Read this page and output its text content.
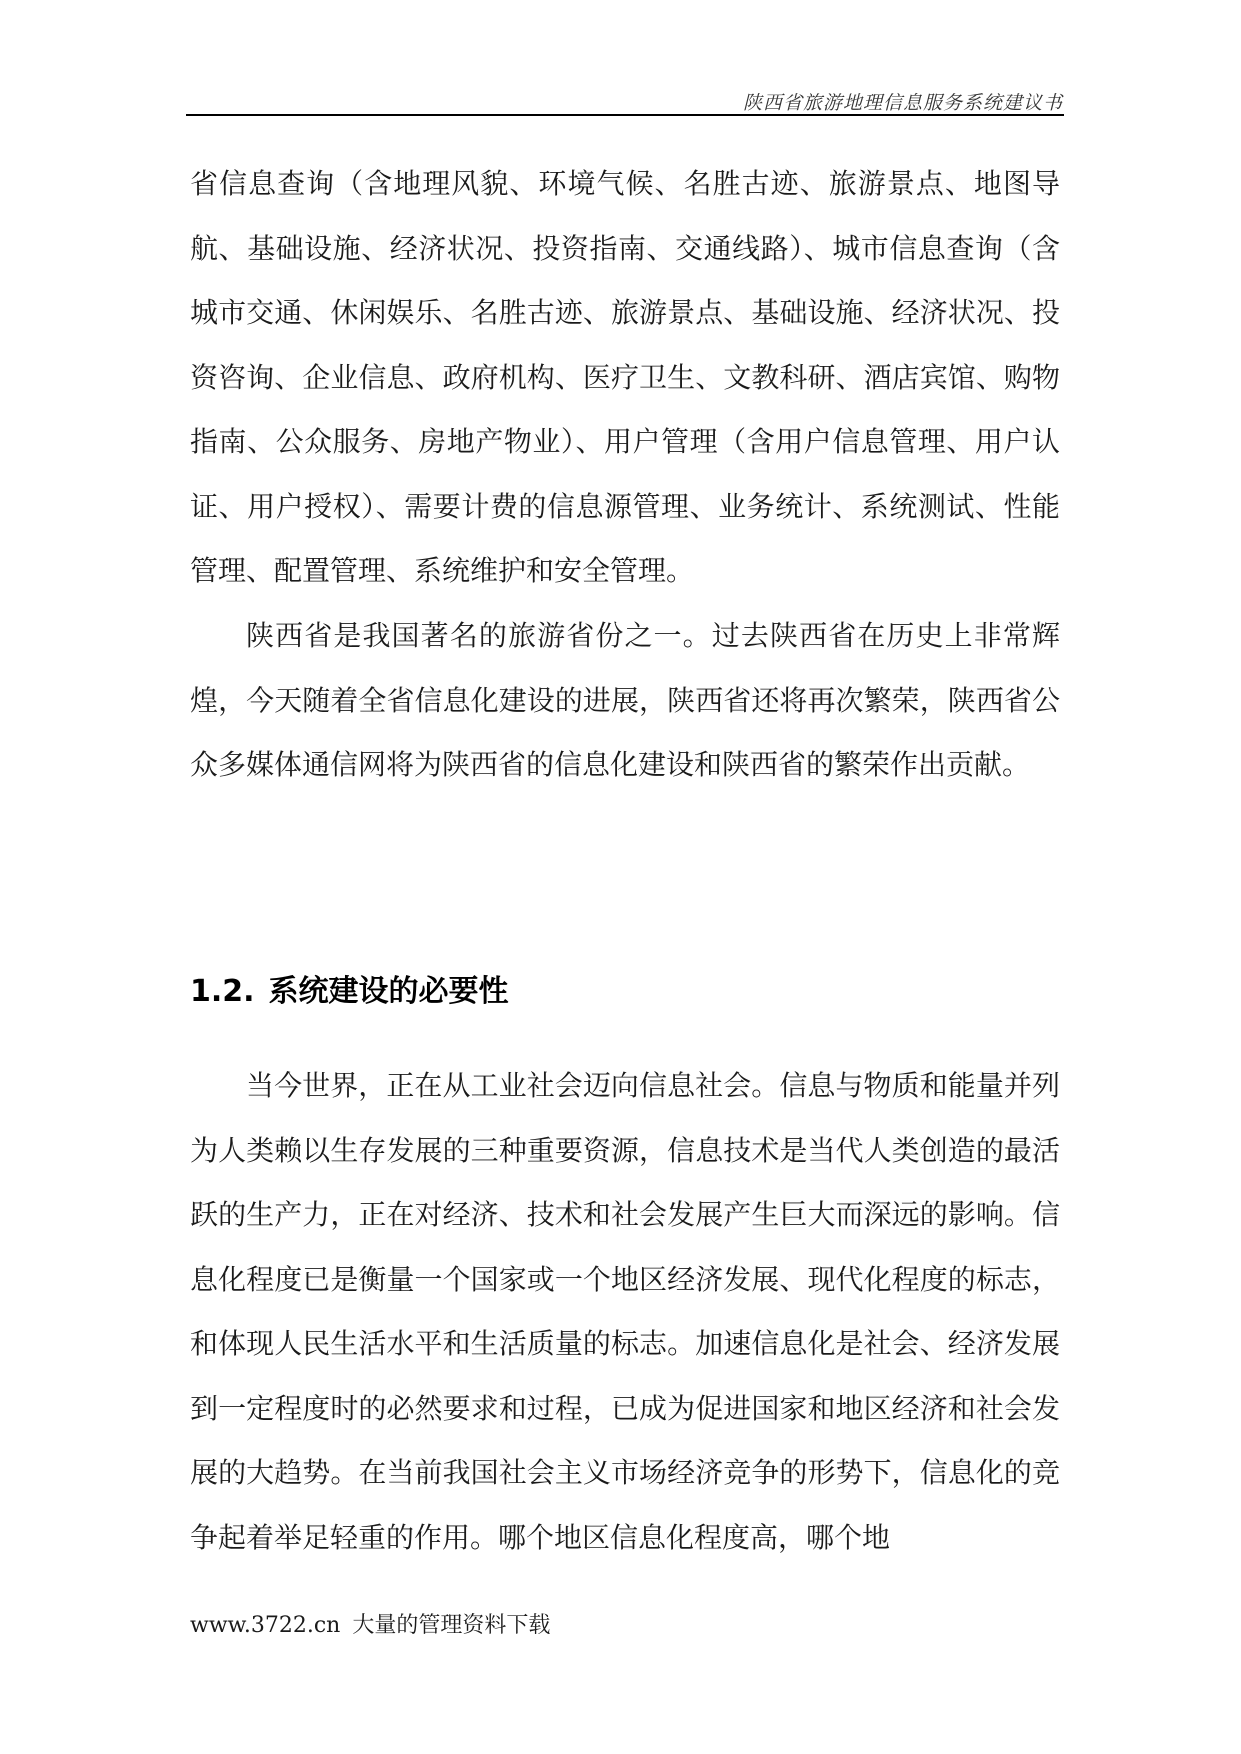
陕西省旅游地理信息服务系统建议书
省信息查询（含地理风貌、环境气候、名胜古迹、旅游景点、地图导航、基础设施、经济状况、投资指南、交通线路）、城市信息查询（含城市交通、休闲娱乐、名胜古迹、旅游景点、基础设施、经济状况、投资咨询、企业信息、政府机构、医疗卫生、文教科研、酒店宾馆、购物指南、公众服务、房地产物业）、用户管理（含用户信息管理、用户认证、用户授权）、需要计费的信息源管理、业务统计、系统测试、性能管理、配置管理、系统维护和安全管理。
陕西省是我国著名的旅游省份之一。过去陕西省在历史上非常辉煌，今天随着全省信息化建设的进展，陕西省还将再次繁荣，陕西省公众多媒体通信网将为陕西省的信息化建设和陕西省的繁荣作出贡献。
1.2. 系统建设的必要性
当今世界，正在从工业社会迈向信息社会。信息与物质和能量并列为人类赖以生存发展的三种重要资源，信息技术是当代人类创造的最活跃的生产力，正在对经济、技术和社会发展产生巨大而深远的影响。信息化程度已是衡量一个国家或一个地区经济发展、现代化程度的标志，和体现人民生活水平和生活质量的标志。加速信息化是社会、经济发展到一定程度时的必然要求和过程，已成为促进国家和地区经济和社会发展的大趋势。在当前我国社会主义市场经济竞争的形势下，信息化的竞争起着举足轻重的作用。哪个地区信息化程度高，哪个地
www.3722.cn 大量的管理资料下载
